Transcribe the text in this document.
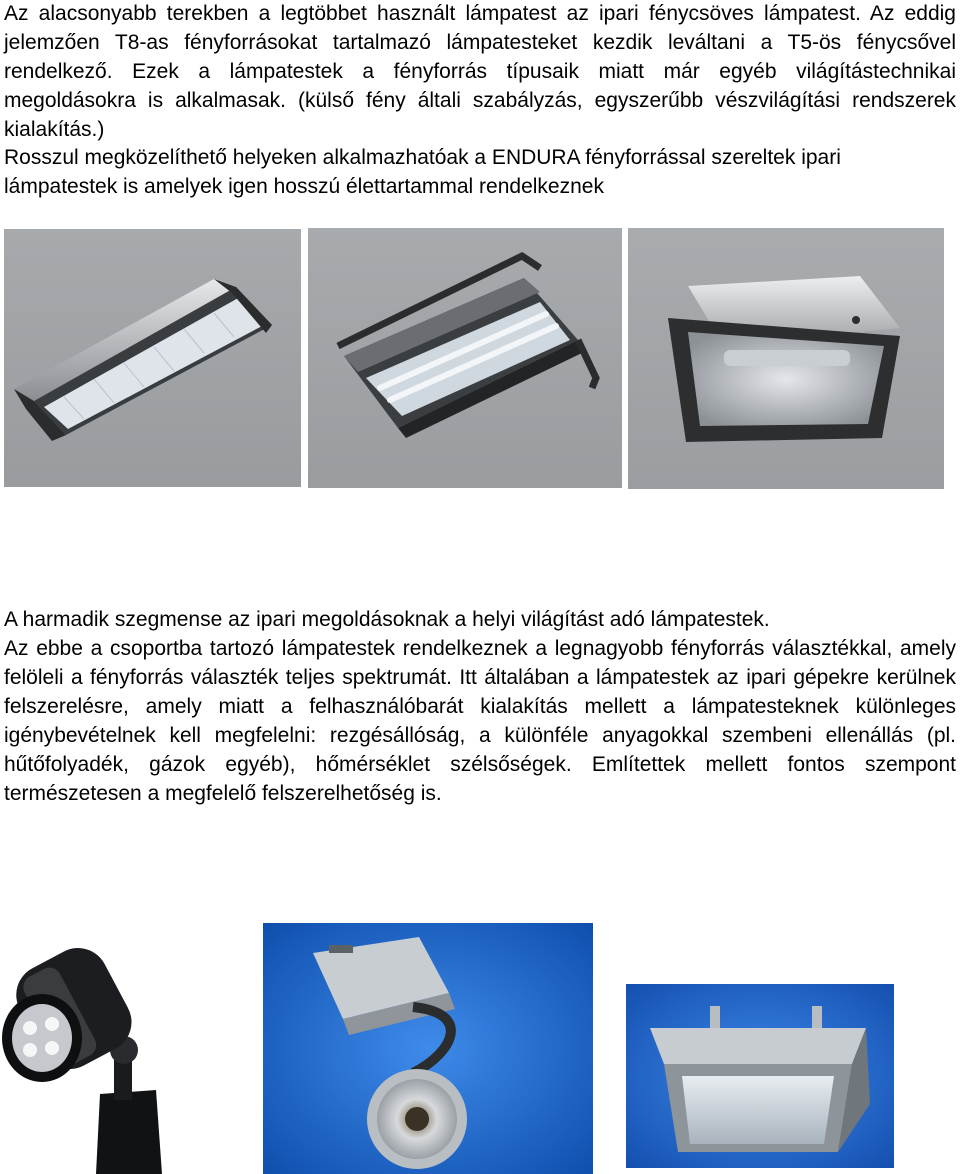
Az alacsonyabb terekben a legtöbbet használt lámpatest az ipari fénycsöves lámpatest. Az eddig jelemzően T8-as fényforrásokat tartalmazó lámpatesteket kezdik leváltani a T5-ös fénycsővel rendelkező. Ezek a lámpatestek a fényforrás típusaik miatt már egyéb világítástechnikai megoldásokra is alkalmasak. (külső fény általi szabályzás, egyszerűbb vészvilágítási rendszerek kialakítás.)

Rosszul megközelíthető helyeken alkalmazhatóak a ENDURA fényforrással szereltek ipari lámpatestek is amelyek igen hosszú élettartammal rendelkeznek

A harmadik szegmense az ipari megoldásoknak a helyi világítást adó lámpatestek.
Az ebbe a csoportba tartozó lámpatestek rendelkeznek a legnagyobb fényforrás választékkal, amely felöleli a fényforrás választék teljes spektrumát. Itt általában a lámpatestek az ipari gépekre kerülnek felszerelésre, amely miatt a felhasználóbarát kialakítás mellett a lámpatesteknek különleges igénybevételnek kell megfelelni: rezgésállóság, a különféle anyagokkal szembeni ellenállás (pl. hűtőfolyadék, gázok egyéb), hőmérséklet szélsőségek. Említettek mellett fontos szempont természetesen a megfelelő felszerelhetőség is.
